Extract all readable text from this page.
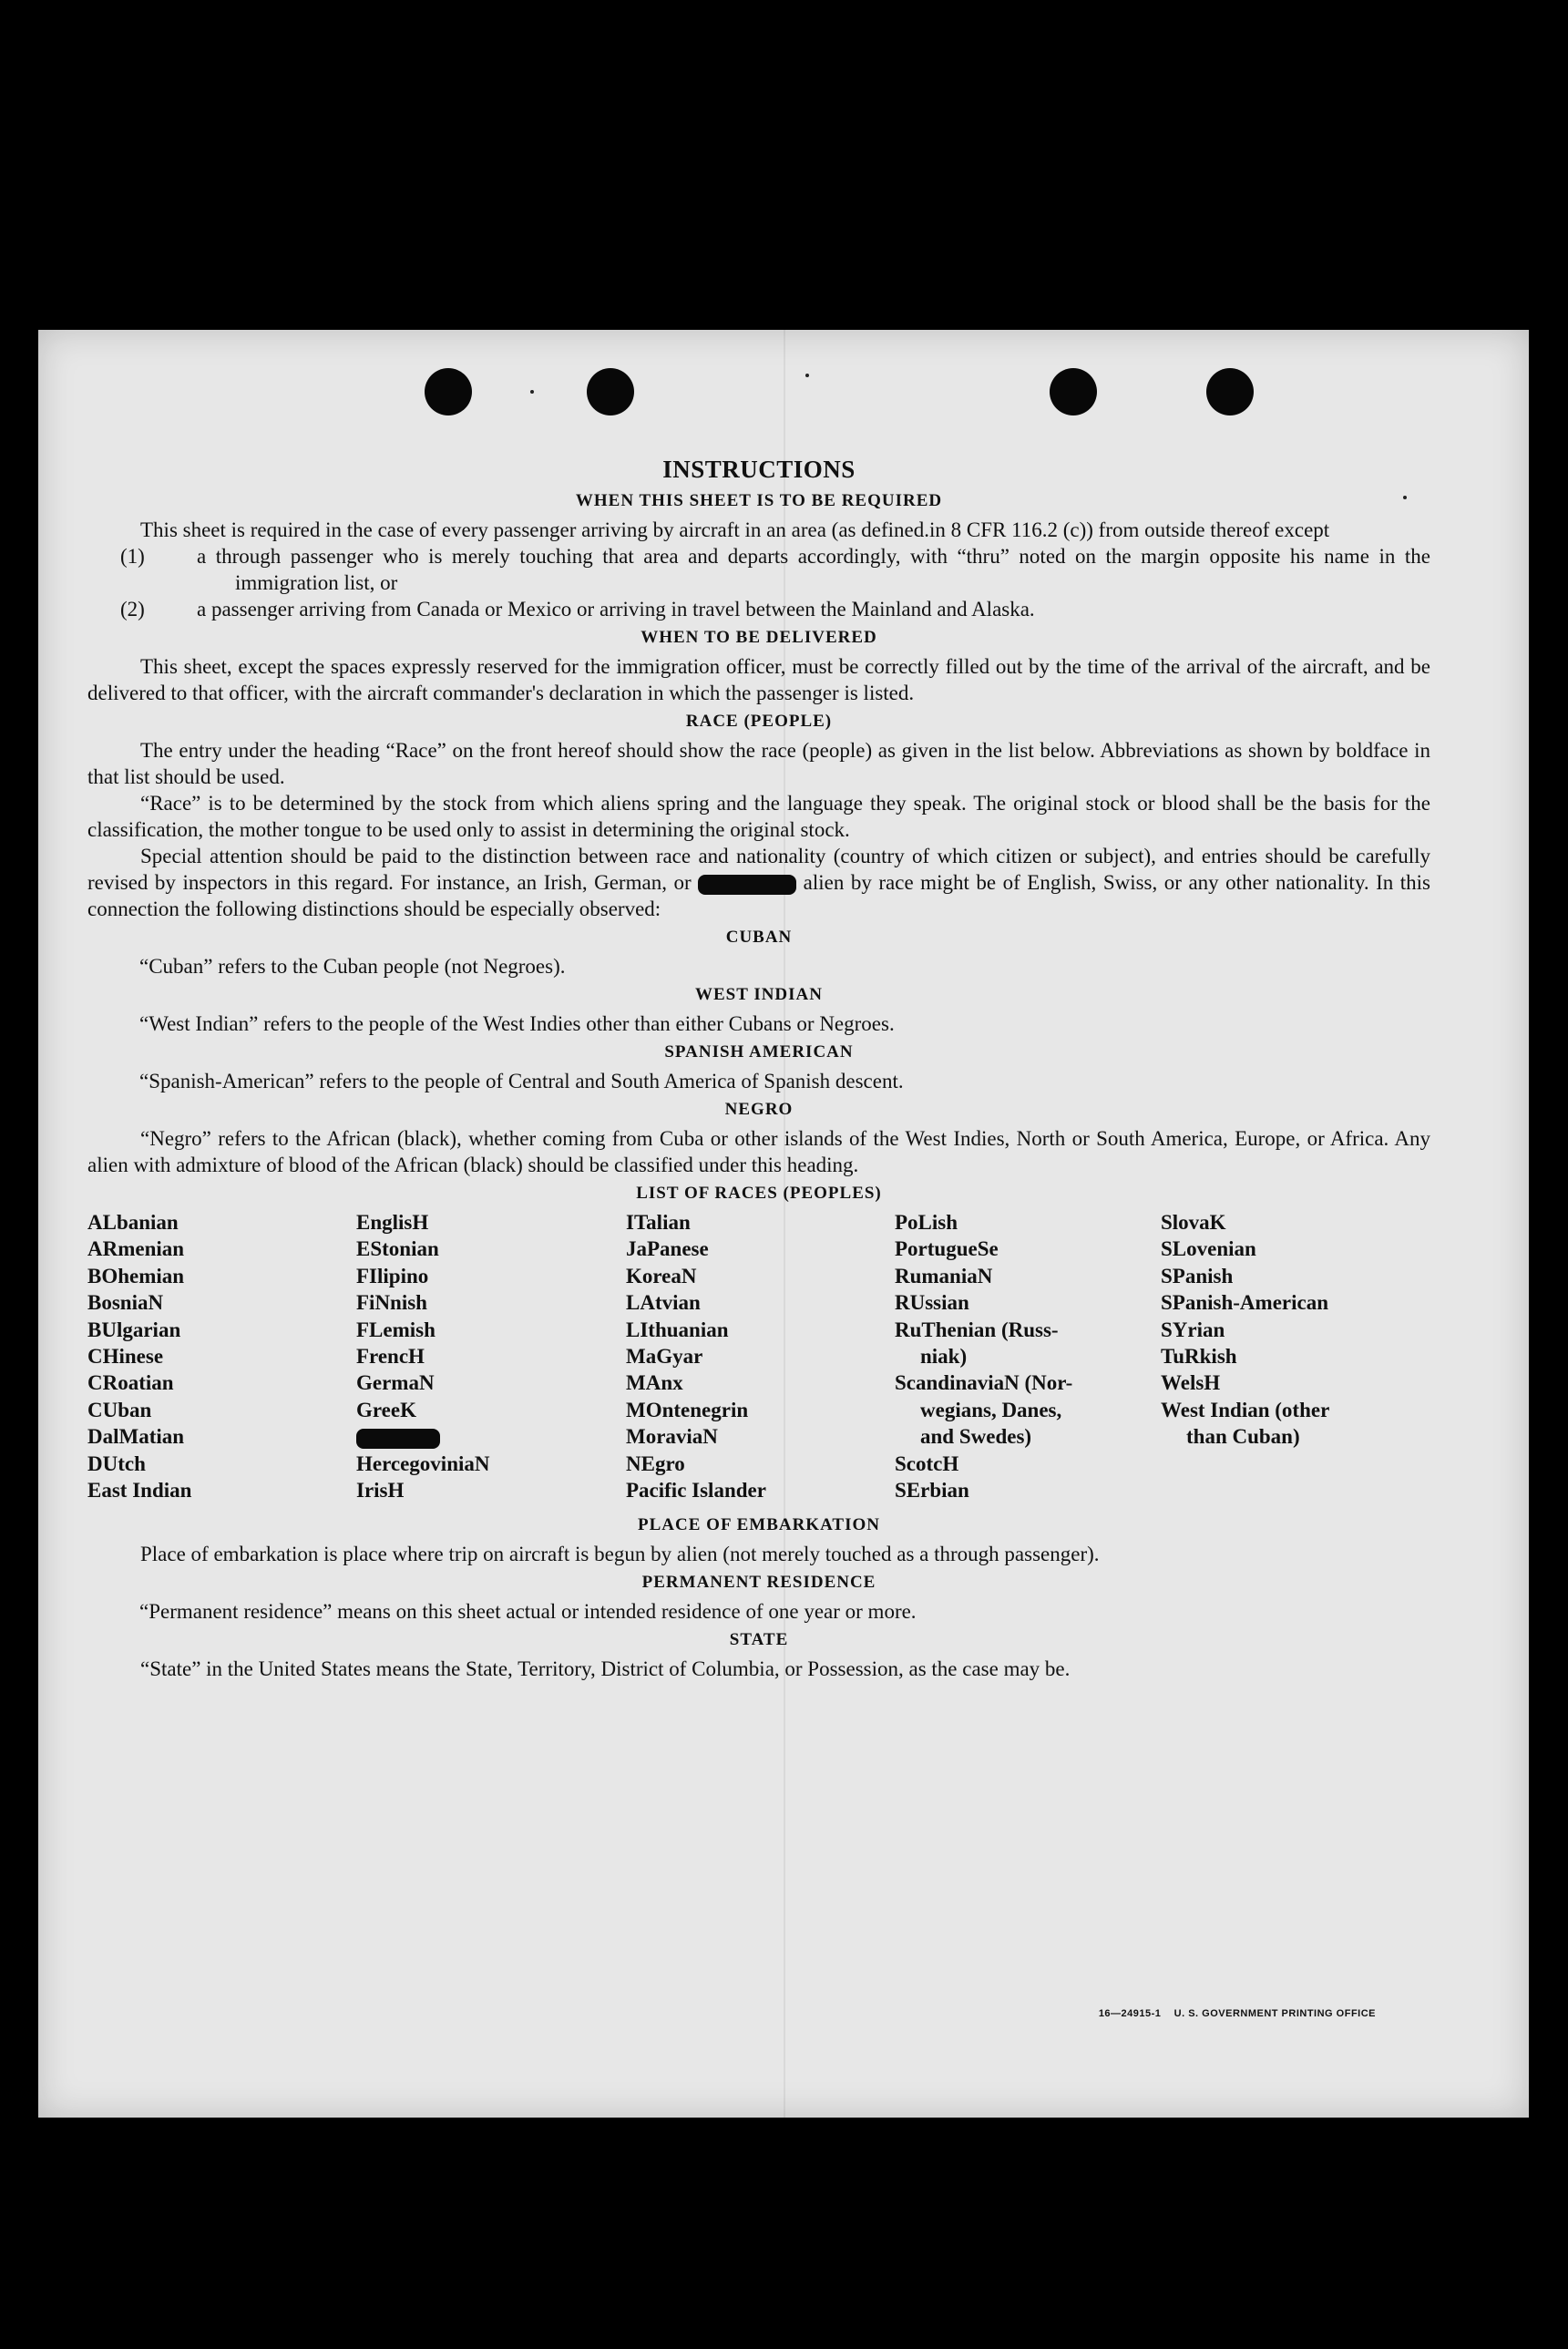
INSTRUCTIONS
WHEN THIS SHEET IS TO BE REQUIRED

This sheet is required in the case of every passenger arriving by aircraft in an area (as defined.in 8 CFR 116.2 (c)) from outside thereof except

(1) a through passenger who is merely touching that area and departs accordingly, with “thru” noted on the margin opposite his name in the immigration list, or

(2) a passenger arriving from Canada or Mexico or arriving in travel between the Mainland and Alaska.

WHEN TO BE DELIVERED

This sheet, except the spaces expressly reserved for the immigration officer, must be correctly filled out by the time of the arrival of the aircraft, and be delivered to that officer, with the aircraft commander's declaration in which the passenger is listed.

RACE (PEOPLE)

The entry under the heading “Race” on the front hereof should show the race (people) as given in the list below. Abbreviations as shown by boldface in that list should be used.

“Race” is to be determined by the stock from which aliens spring and the language they speak. The original stock or blood shall be the basis for the classification, the mother tongue to be used only to assist in determining the original stock.

Special attention should be paid to the distinction between race and nationality (country of which citizen or subject), and entries should be carefully revised by inspectors in this regard. For instance, an Irish, German, or	alien by race might be of English, Swiss, or any other nationality. In this connection the following distinctions should be especially observed:

CUBAN

“Cuban” refers to the Cuban people (not Negroes).

WEST INDIAN

“West Indian” refers to the people of the West Indies other than either Cubans or Negroes.

SPANISH AMERICAN

“Spanish-American” refers to the people of Central and South America of Spanish descent.

NEGRO

“Negro” refers to the African (black), whether coming from Cuba or other islands of the West Indies, North or South America, Europe, or Africa. Any alien with admixture of blood of the African (black) should be classified under this heading.

LIST OF RACES (PEOPLES)
ALbanian
ARmenian
BOhemian
BosniaN
BUlgarian
CHinese
CRoatian
CUban
DalMatian
DUtch
East Indian
EnglisH
EStonian
FIlipino
FiNnish
FLemish
FrencH
GermaN
GreeK
HercegoviniaN
IrisH
ITalian
JaPanese
KoreaN
LAtvian
LIthuanian
MaGyar
MAnx
MOntenegrin
MoraviaN
NEgro
Pacific Islander
PoLish
PortugueSe
RumaniaN
RUssian
RuThenian (Russ-
niak)
ScandinaviaN (Nor-
wegians, Danes,
and Swedes)
ScotcH
SErbian
SlovaK
SLovenian
SPanish
SPanish-American
SYrian
TuRkish
WelsH
West Indian (other
than Cuban)
PLACE OF EMBARKATION

Place of embarkation is place where trip on aircraft is begun by alien (not merely touched as a through passenger).

PERMANENT RESIDENCE

“Permanent residence” means on this sheet actual or intended residence of one year or more.

STATE

“State” in the United States means the State, Territory, District of Columbia, or Possession, as the case may be.

16—24915-1 U. S. GOVERNMENT PRINTING OFFICE
